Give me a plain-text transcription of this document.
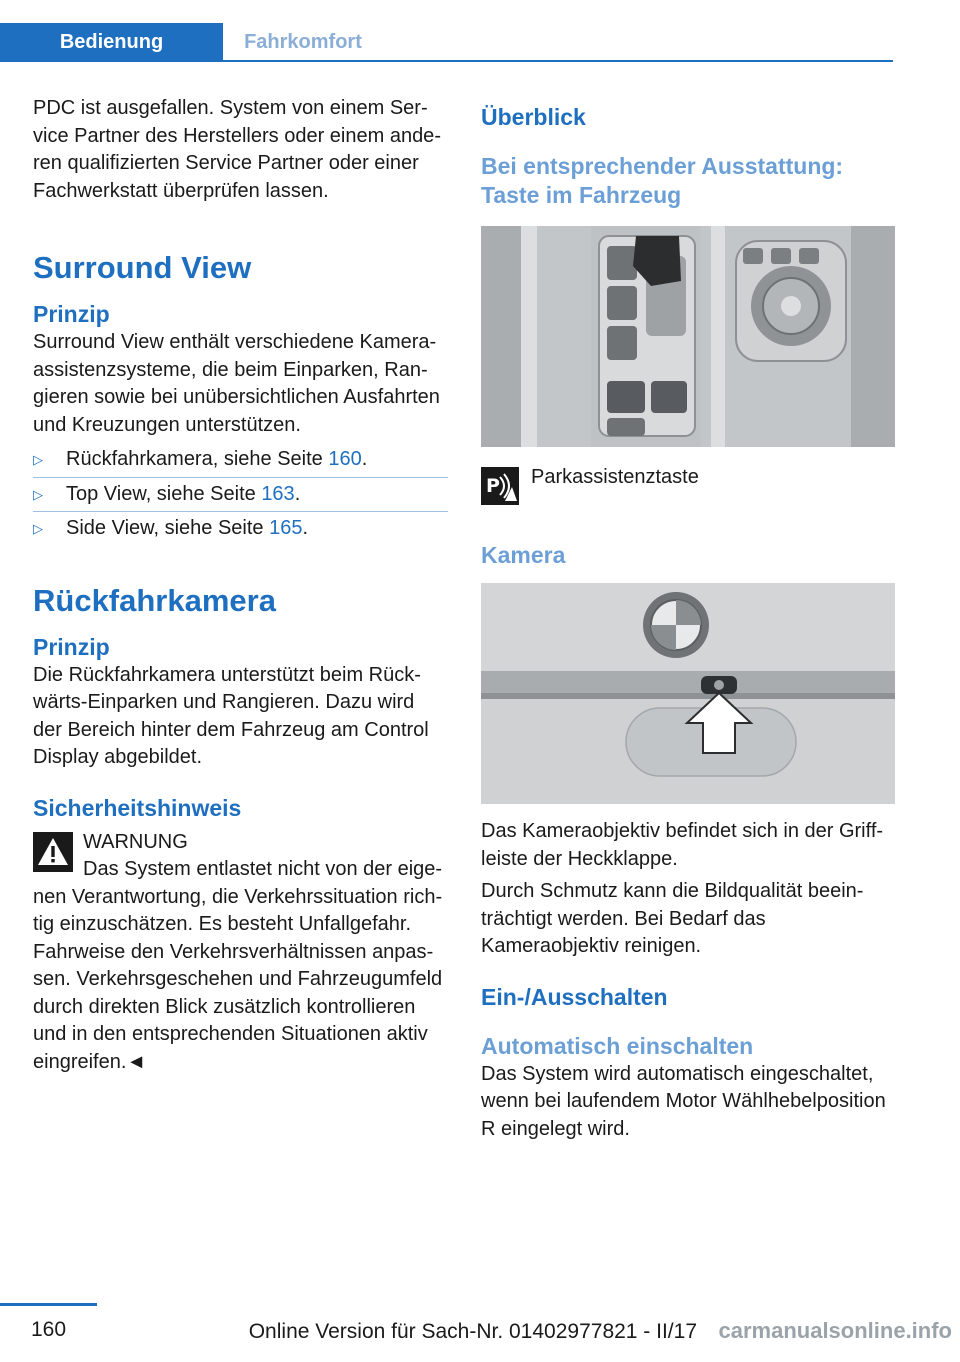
Bedienung	Fahrkomfort

PDC ist ausgefallen. System von einem Service Partner des Herstellers oder einem anderen qualifizierten Service Partner oder einer Fachwerkstatt überprüfen lassen.

Surround View
Prinzip

Surround View enthält verschiedene Kameraassistenzsysteme, die beim Einparken, Rangieren sowie bei unübersichtlichen Ausfahrten und Kreuzungen unterstützen.

▷ Rückfahrkamera, siehe Seite 160.
▷ Top View, siehe Seite 163.
▷ Side View, siehe Seite 165.
Rückfahrkamera
Prinzip

Die Rückfahrkamera unterstützt beim Rückwärts-Einparken und Rangieren. Dazu wird der Bereich hinter dem Fahrzeug am Control Display abgebildet.

Sicherheitshinweis

WARNUNG

Das System entlastet nicht von der eigenen Verantwortung, die Verkehrssituation richtig einzuschätzen. Es besteht Unfallgefahr. Fahrweise den Verkehrsverhältnissen anpassen. Verkehrsgeschehen und Fahrzeugumfeld durch direkten Blick zusätzlich kontrollieren und in den entsprechenden Situationen aktiv eingreifen.◄

Überblick
Bei entsprechender Ausstattung: Taste im Fahrzeug
P Parkassistenztaste

Kamera

Das Kameraobjektiv befindet sich in der Griffleiste der Heckklappe.

Durch Schmutz kann die Bildqualität beeinträchtigt werden. Bei Bedarf das Kameraobjektiv reinigen.

Ein-/Ausschalten
Automatisch einschalten

Das System wird automatisch eingeschaltet, wenn bei laufendem Motor Wählhebelposition R eingelegt wird.

160	Online Version für Sach-Nr. 01402977821 - II/17 carmanualsonline.info
